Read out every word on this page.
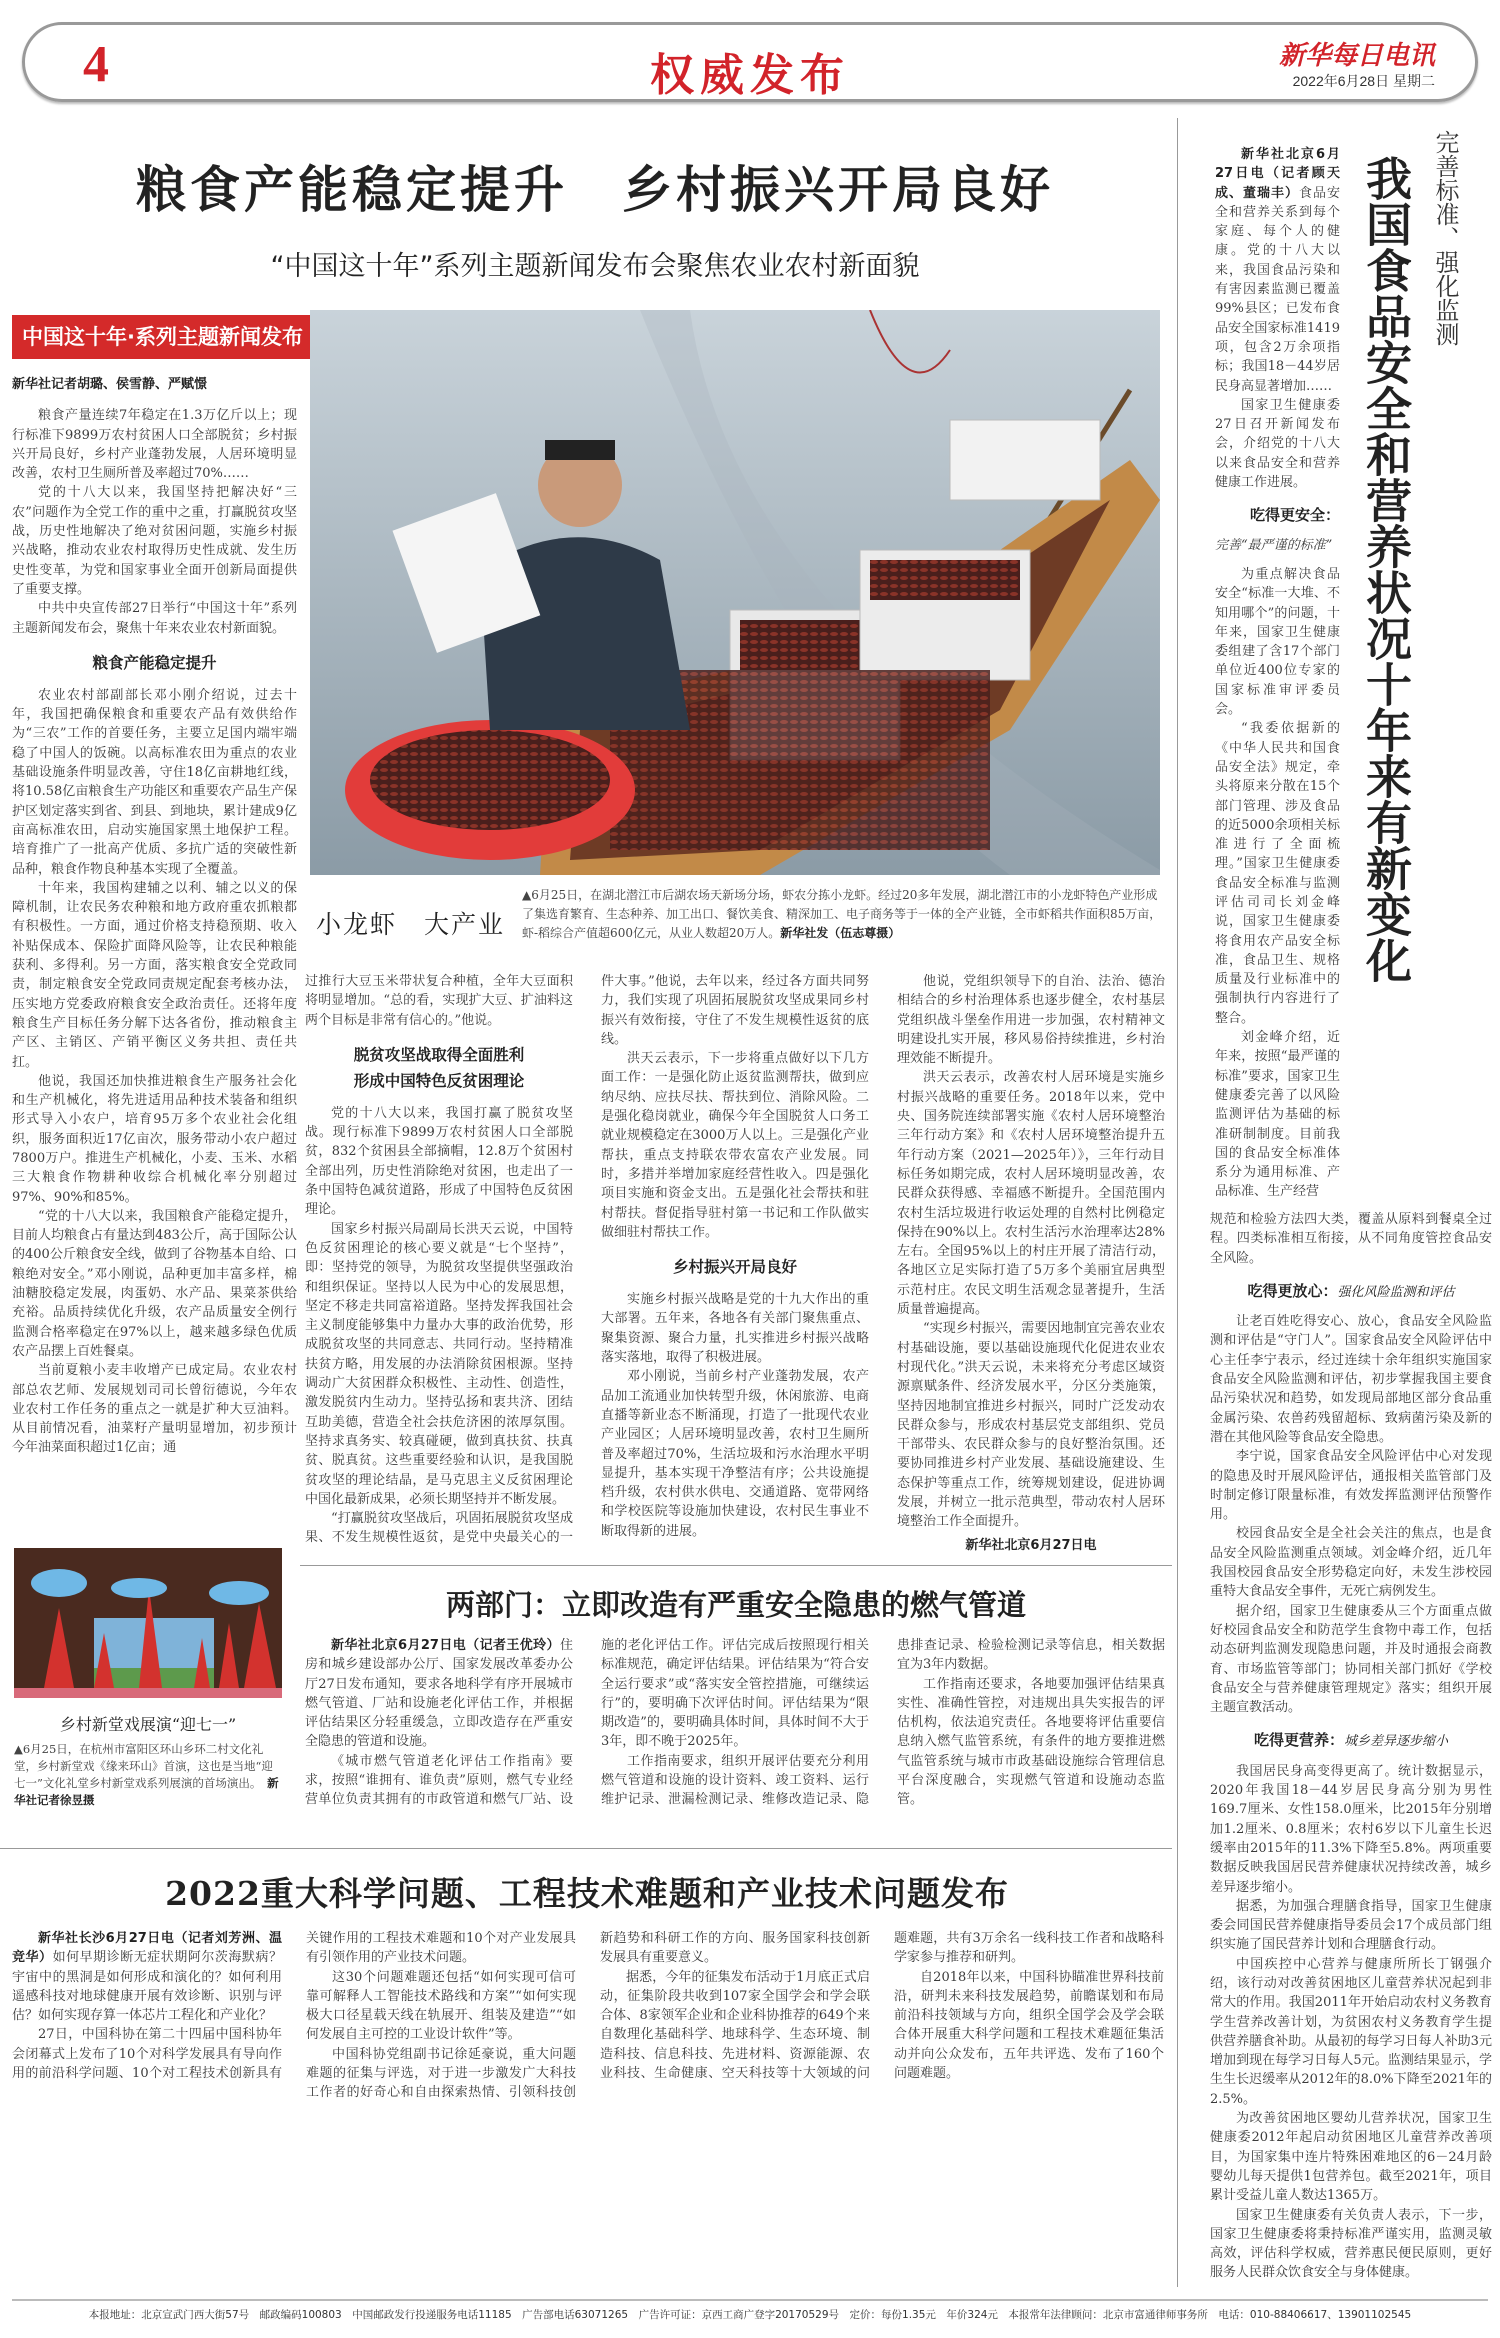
4	权威发布	新华每日电讯
2022年6月28日 星期二
粮食产能稳定提升　乡村振兴开局良好
“中国这十年”系列主题新闻发布会聚焦农业农村新面貌
中国这十年·系列主题新闻发布
新华社记者胡璐、侯雪静、严赋憬

粮食产量连续7年稳定在1.3万亿斤以上；现行标准下9899万农村贫困人口全部脱贫；乡村振兴开局良好，乡村产业蓬勃发展，人居环境明显改善，农村卫生厕所普及率超过70%……

党的十八大以来，我国坚持把解决好“三农”问题作为全党工作的重中之重，打赢脱贫攻坚战，历史性地解决了绝对贫困问题，实施乡村振兴战略，推动农业农村取得历史性成就、发生历史性变革，为党和国家事业全面开创新局面提供了重要支撑。

中共中央宣传部27日举行“中国这十年”系列主题新闻发布会，聚焦十年来农业农村新面貌。

粮食产能稳定提升

农业农村部副部长邓小刚介绍说，过去十年，我国把确保粮食和重要农产品有效供给作为“三农”工作的首要任务，主要立足国内端牢端稳了中国人的饭碗。以高标准农田为重点的农业基础设施条件明显改善，守住18亿亩耕地红线，将10.58亿亩粮食生产功能区和重要农产品生产保护区划定落实到省、到县、到地块，累计建成9亿亩高标准农田，启动实施国家黑土地保护工程。培育推广了一批高产优质、多抗广适的突破性新品种，粮食作物良种基本实现了全覆盖。

十年来，我国构建辅之以利、辅之以义的保障机制，让农民务农种粮和地方政府重农抓粮都有积极性。一方面，通过价格支持稳预期、收入补贴保成本、保险扩面降风险等，让农民种粮能获利、多得利。另一方面，落实粮食安全党政同责，制定粮食安全党政同责规定配套考核办法，压实地方党委政府粮食安全政治责任。还将年度粮食生产目标任务分解下达各省份，推动粮食主产区、主销区、产销平衡区义务共担、责任共扛。

他说，我国还加快推进粮食生产服务社会化和生产机械化，将先进适用品种技术装备和组织形式导入小农户，培育95万多个农业社会化组织，服务面积近17亿亩次，服务带动小农户超过7800万户。推进生产机械化，小麦、玉米、水稻三大粮食作物耕种收综合机械化率分别超过97%、90%和85%。

“党的十八大以来，我国粮食产能稳定提升，目前人均粮食占有量达到483公斤，高于国际公认的400公斤粮食安全线，做到了谷物基本自给、口粮绝对安全。”邓小刚说，品种更加丰富多样，棉油糖胶稳定发展，肉蛋奶、水产品、果菜茶供给充裕。品质持续优化升级，农产品质量安全例行监测合格率稳定在97%以上，越来越多绿色优质农产品摆上百姓餐桌。

当前夏粮小麦丰收增产已成定局。农业农村部总农艺师、发展规划司司长曾衍德说，今年农业农村工作任务的重点之一就是扩种大豆油料。从目前情况看，油菜籽产量明显增加，初步预计今年油菜面积超过1亿亩；通

小龙虾　大产业
▲6月25日，在湖北潜江市后湖农场天新场分场，虾农分拣小龙虾。经过20多年发展，湖北潜江市的小龙虾特色产业形成了集选育繁育、生态种养、加工出口、餐饮美食、精深加工、电子商务等于一体的全产业链，全市虾稻共作面积85万亩，虾-稻综合产值超600亿元，从业人数超20万人。新华社发（伍志尊摄）

过推行大豆玉米带状复合种植，全年大豆面积将明显增加。“总的看，实现扩大豆、扩油料这两个目标是非常有信心的。”他说。

脱贫攻坚战取得全面胜利
形成中国特色反贫困理论

党的十八大以来，我国打赢了脱贫攻坚战。现行标准下9899万农村贫困人口全部脱贫，832个贫困县全部摘帽，12.8万个贫困村全部出列，历史性消除绝对贫困，也走出了一条中国特色减贫道路，形成了中国特色反贫困理论。

国家乡村振兴局副局长洪天云说，中国特色反贫困理论的核心要义就是“七个坚持”，即：坚持党的领导，为脱贫攻坚提供坚强政治和组织保证。坚持以人民为中心的发展思想，坚定不移走共同富裕道路。坚持发挥我国社会主义制度能够集中力量办大事的政治优势，形成脱贫攻坚的共同意志、共同行动。坚持精准扶贫方略，用发展的办法消除贫困根源。坚持调动广大贫困群众积极性、主动性、创造性，激发脱贫内生动力。坚持弘扬和衷共济、团结互助美德，营造全社会扶危济困的浓厚氛围。坚持求真务实、较真碰硬，做到真扶贫、扶真贫、脱真贫。这些重要经验和认识，是我国脱贫攻坚的理论结晶，是马克思主义反贫困理论中国化最新成果，必须长期坚持并不断发展。

“打赢脱贫攻坚战后，巩固拓展脱贫攻坚成果、不发生规模性返贫，是党中央最关心的一件大事。”他说，去年以来，经过各方面共同努力，我们实现了巩固拓展脱贫攻坚成果同乡村振兴有效衔接，守住了不发生规模性返贫的底线。

洪天云表示，下一步将重点做好以下几方面工作：一是强化防止返贫监测帮扶，做到应纳尽纳、应扶尽扶、帮扶到位、消除风险。二是强化稳岗就业，确保今年全国脱贫人口务工就业规模稳定在3000万人以上。三是强化产业帮扶，重点支持联农带农富农产业发展。同时，多措并举增加家庭经营性收入。四是强化项目实施和资金支出。五是强化社会帮扶和驻村帮扶。督促指导驻村第一书记和工作队做实做细驻村帮扶工作。

乡村振兴开局良好

实施乡村振兴战略是党的十九大作出的重大部署。五年来，各地各有关部门聚焦重点、聚集资源、聚合力量，扎实推进乡村振兴战略落实落地，取得了积极进展。

邓小刚说，当前乡村产业蓬勃发展，农产品加工流通业加快转型升级，休闲旅游、电商直播等新业态不断涌现，打造了一批现代农业产业园区；人居环境明显改善，农村卫生厕所普及率超过70%，生活垃圾和污水治理水平明显提升，基本实现干净整洁有序；公共设施提档升级，农村供水供电、交通道路、宽带网络和学校医院等设施加快建设，农村民生事业不断取得新的进展。

他说，党组织领导下的自治、法治、德治相结合的乡村治理体系也逐步健全，农村基层党组织战斗堡垒作用进一步加强，农村精神文明建设扎实开展，移风易俗持续推进，乡村治理效能不断提升。

洪天云表示，改善农村人居环境是实施乡村振兴战略的重要任务。2018年以来，党中央、国务院连续部署实施《农村人居环境整治三年行动方案》和《农村人居环境整治提升五年行动方案（2021—2025年）》，三年行动目标任务如期完成，农村人居环境明显改善，农民群众获得感、幸福感不断提升。全国范围内农村生活垃圾进行收运处理的自然村比例稳定保持在90%以上。农村生活污水治理率达28%左右。全国95%以上的村庄开展了清洁行动，各地区立足实际打造了5万多个美丽宜居典型示范村庄。农民文明生活观念显著提升，生活质量普遍提高。

“实现乡村振兴，需要因地制宜完善农业农村基础设施，要以基础设施现代化促进农业农村现代化。”洪天云说，未来将充分考虑区域资源禀赋条件、经济发展水平，分区分类施策，坚持因地制宜推进乡村振兴，同时广泛发动农民群众参与，形成农村基层党支部组织、党员干部带头、农民群众参与的良好整治氛围。还要协同推进乡村产业发展、基础设施建设、生态保护等重点工作，统筹规划建设，促进协调发展，并树立一批示范典型，带动农村人居环境整治工作全面提升。

新华社北京6月27日电
乡村新堂戏展演“迎七一”
▲6月25日，在杭州市富阳区环山乡环二村文化礼堂，乡村新堂戏《缘来环山》首演，这也是当地“迎七一”文化礼堂乡村新堂戏系列展演的首场演出。　 新华社记者徐昱摄
两部门：立即改造有严重安全隐患的燃气管道

新华社北京6月27日电（记者王优玲）住房和城乡建设部办公厅、国家发展改革委办公厅27日发布通知，要求各地科学有序开展城市燃气管道、厂站和设施老化评估工作，并根据评估结果区分轻重缓急，立即改造存在严重安全隐患的管道和设施。

《城市燃气管道老化评估工作指南》要求，按照“谁拥有、谁负责”原则，燃气专业经营单位负责其拥有的市政管道和燃气厂站、设施的老化评估工作。评估完成后按照现行相关标准规范，确定评估结果。评估结果为“符合安全运行要求”或“落实安全管控措施，可继续运行”的，要明确下次评估时间。评估结果为“限期改造”的，要明确具体时间，具体时间不大于3年，即不晚于2025年。

工作指南要求，组织开展评估要充分利用燃气管道和设施的设计资料、竣工资料、运行维护记录、泄漏检测记录、维修改造记录、隐患排查记录、检验检测记录等信息，相关数据宜为3年内数据。

工作指南还要求，各地要加强评估结果真实性、准确性管控，对违规出具失实报告的评估机构，依法追究责任。各地要将评估重要信息纳入燃气监管系统，有条件的地方要推进燃气监管系统与城市市政基础设施综合管理信息平台深度融合，实现燃气管道和设施动态监管。

2022重大科学问题、工程技术难题和产业技术问题发布

新华社长沙6月27日电（记者刘芳洲、温竞华）如何早期诊断无症状期阿尔茨海默病？宇宙中的黑洞是如何形成和演化的？如何利用遥感科技对地球健康开展有效诊断、识别与评估？如何实现存算一体芯片工程化和产业化？

27日，中国科协在第二十四届中国科协年会闭幕式上发布了10个对科学发展具有导向作用的前沿科学问题、10个对工程技术创新具有关键作用的工程技术难题和10个对产业发展具有引领作用的产业技术问题。

这30个问题难题还包括“如何实现可信可靠可解释人工智能技术路线和方案”“如何实现极大口径星载天线在轨展开、组装及建造”“如何发展自主可控的工业设计软件”等。

中国科协党组副书记徐延豪说，重大问题难题的征集与评选，对于进一步激发广大科技工作者的好奇心和自由探索热情、引领科技创新趋势和科研工作的方向、服务国家科技创新发展具有重要意义。

据悉，今年的征集发布活动于1月底正式启动，征集阶段共收到107家全国学会和学会联合体、8家领军企业和企业科协推荐的649个来自数理化基础科学、地球科学、生态环境、制造科技、信息科技、先进材料、资源能源、农业科技、生命健康、空天科技等十大领域的问题难题，共有3万余名一线科技工作者和战略科学家参与推荐和研判。

自2018年以来，中国科协瞄准世界科技前沿，研判未来科技发展趋势，前瞻谋划和布局前沿科技领域与方向，组织全国学会及学会联合体开展重大科学问题和工程技术难题征集活动并向公众发布，五年共评选、发布了160个问题难题。

我国食品安全和营养状况十年来有新变化 完善标准、强化监测

新华社北京6月27日电（记者顾天成、董瑞丰）食品安全和营养关系到每个家庭、每个人的健康。党的十八大以来，我国食品污染和有害因素监测已覆盖99%县区；已发布食品安全国家标准1419项，包含2万余项指标；我国18－44岁居民身高显著增加……

国家卫生健康委27日召开新闻发布会，介绍党的十八大以来食品安全和营养健康工作进展。

吃得更安全：

完善“最严谨的标准”

为重点解决食品安全“标准一大堆、不知用哪个”的问题，十年来，国家卫生健康委组建了含17个部门单位近400位专家的国家标准审评委员会。

“我委依据新的《中华人民共和国食品安全法》规定，牵头将原来分散在15个部门管理、涉及食品的近5000余项相关标准进行了全面梳理。”国家卫生健康委食品安全标准与监测评估司司长刘金峰说，国家卫生健康委将食用农产品安全标准，食品卫生、规格质量及行业标准中的强制执行内容进行了整合。

刘金峰介绍，近年来，按照“最严谨的标准”要求，国家卫生健康委完善了以风险监测评估为基础的标准研制制度。目前我国的食品安全标准体系分为通用标准、产品标准、生产经营

规范和检验方法四大类，覆盖从原料到餐桌全过程。四类标准相互衔接，从不同角度管控食品安全风险。

吃得更放心：强化风险监测和评估

让老百姓吃得安心、放心，食品安全风险监测和评估是“守门人”。国家食品安全风险评估中心主任李宁表示，经过连续十余年组织实施国家食品安全风险监测和评估，初步掌握我国主要食品污染状况和趋势，如发现局部地区部分食品重金属污染、农兽药残留超标、致病菌污染及新的潜在其他风险等食品安全隐患。

李宁说，国家食品安全风险评估中心对发现的隐患及时开展风险评估，通报相关监管部门及时制定修订限量标准，有效发挥监测评估预警作用。

校园食品安全是全社会关注的焦点，也是食品安全风险监测重点领域。刘金峰介绍，近几年我国校园食品安全形势稳定向好，未发生涉校园重特大食品安全事件，无死亡病例发生。

据介绍，国家卫生健康委从三个方面重点做好校园食品安全和防范学生食物中毒工作，包括动态研判监测发现隐患问题，并及时通报会商教育、市场监管等部门；协同相关部门抓好《学校食品安全与营养健康管理规定》落实；组织开展主题宣教活动。

吃得更营养：城乡差异逐步缩小

我国居民身高变得更高了。统计数据显示，2020年我国18－44岁居民身高分别为男性169.7厘米、女性158.0厘米，比2015年分别增加1.2厘米、0.8厘米；农村6岁以下儿童生长迟缓率由2015年的11.3%下降至5.8%。两项重要数据反映我国居民营养健康状况持续改善，城乡差异逐步缩小。

据悉，为加强合理膳食指导，国家卫生健康委会同国民营养健康指导委员会17个成员部门组织实施了国民营养计划和合理膳食行动。

中国疾控中心营养与健康所所长丁钢强介绍，该行动对改善贫困地区儿童营养状况起到非常大的作用。我国2011年开始启动农村义务教育学生营养改善计划，为贫困农村义务教育学生提供营养膳食补助。从最初的每学习日每人补助3元增加到现在每学习日每人5元。监测结果显示，学生生长迟缓率从2012年的8.0%下降至2021年的2.5%。

为改善贫困地区婴幼儿营养状况，国家卫生健康委2012年起启动贫困地区儿童营养改善项目，为国家集中连片特殊困难地区的6－24月龄婴幼儿每天提供1包营养包。截至2021年，项目累计受益儿童人数达1365万。

国家卫生健康委有关负责人表示，下一步，国家卫生健康委将秉持标准严谨实用，监测灵敏高效，评估科学权威，营养惠民便民原则，更好服务人民群众饮食安全与身体健康。

本报地址：北京宣武门西大街57号　邮政编码100803　中国邮政发行投递服务电话11185　广告部电话63071265　广告许可证：京西工商广登字20170529号　定价：每份1.35元　年价324元　本报常年法律顾问：北京市富通律师事务所　电话：010-88406617、13901102545
